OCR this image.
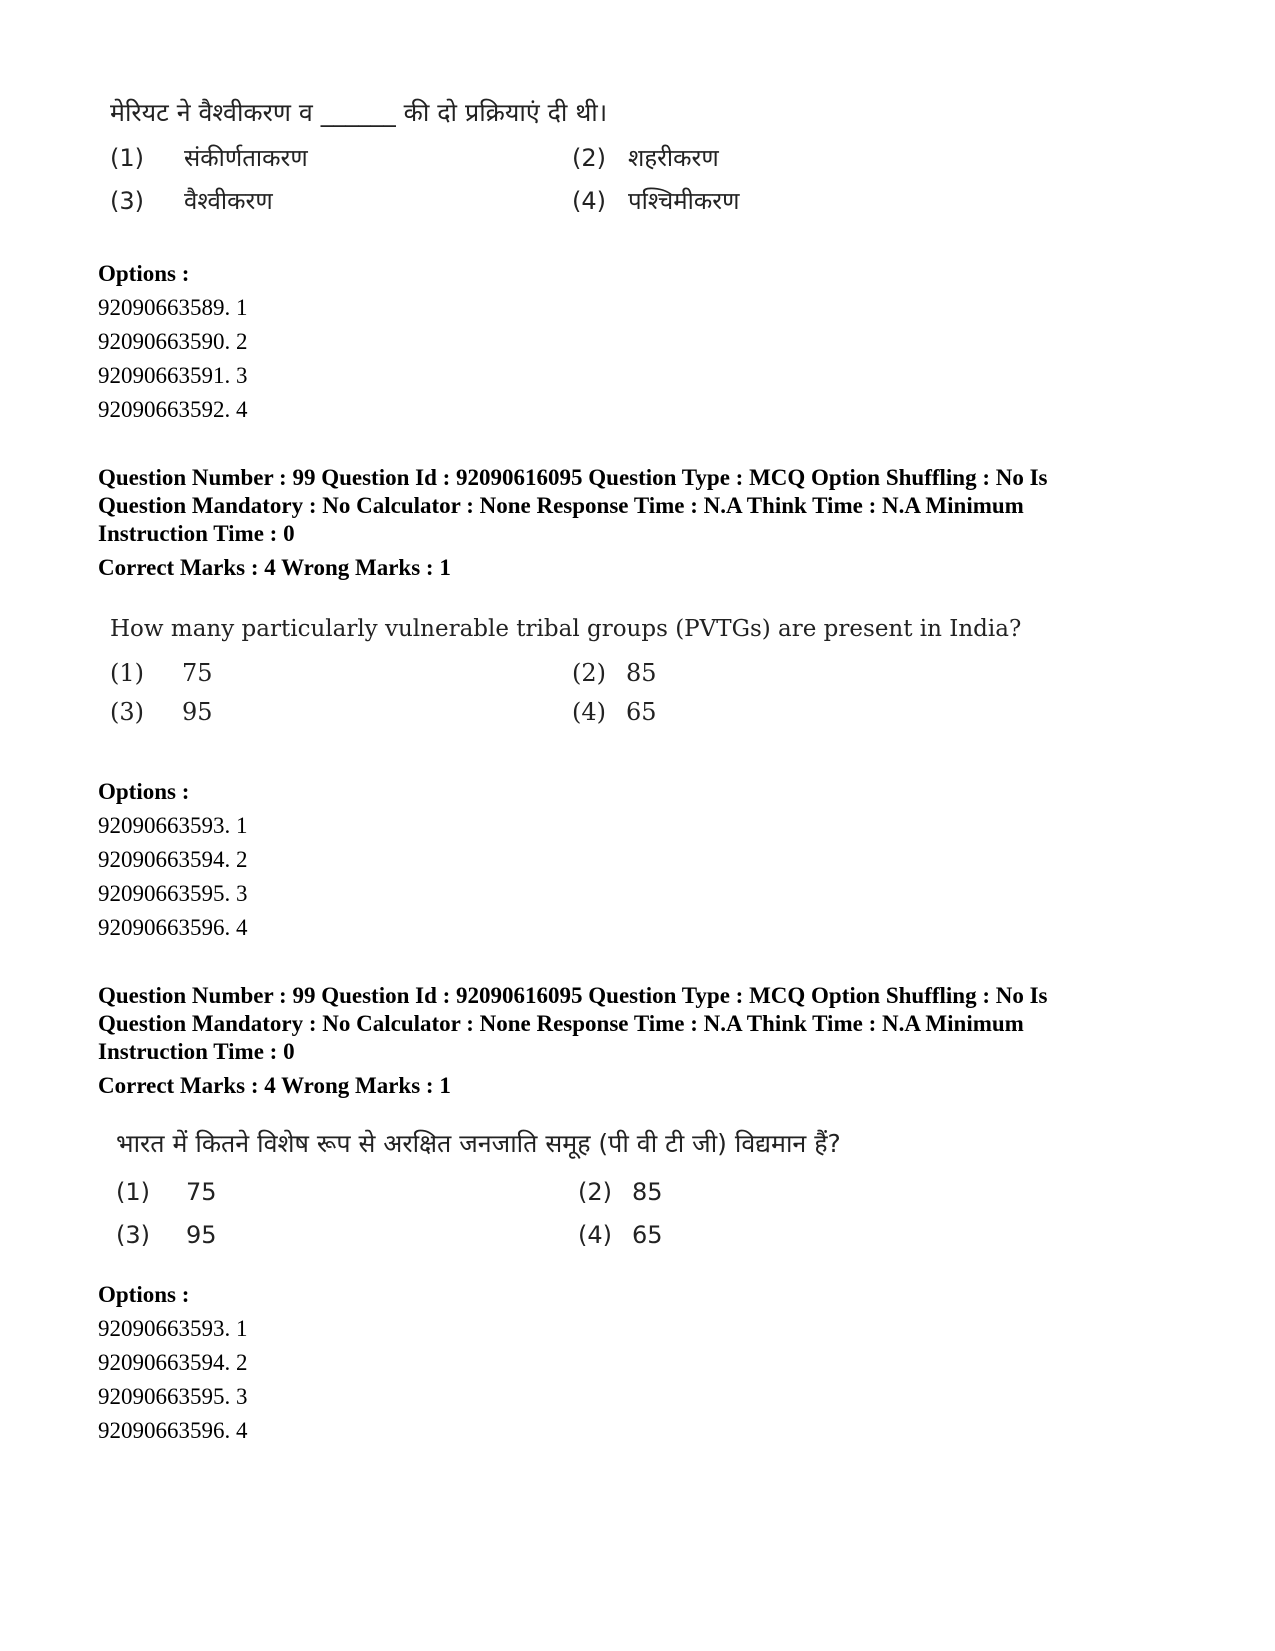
मेरियट ने वैश्वीकरण व ______ की दो प्रक्रियाएं दी थी।
(1) संकीर्णताकरण	(2) शहरीकरण
(3) वैश्वीकरण	(4) पश्चिमीकरण
Options :
92090663589. 1
92090663590. 2
92090663591. 3
92090663592. 4
Question Number : 99 Question Id : 92090616095 Question Type : MCQ Option Shuffling : No Is
Question Mandatory : No Calculator : None Response Time : N.A Think Time : N.A Minimum
Instruction Time : 0
Correct Marks : 4 Wrong Marks : 1
How many particularly vulnerable tribal groups (PVTGs) are present in India?
(1) 75	(2) 85
(3) 95	(4) 65
Options :
92090663593. 1
92090663594. 2
92090663595. 3
92090663596. 4
Question Number : 99 Question Id : 92090616095 Question Type : MCQ Option Shuffling : No Is
Question Mandatory : No Calculator : None Response Time : N.A Think Time : N.A Minimum
Instruction Time : 0
Correct Marks : 4 Wrong Marks : 1
भारत में कितने विशेष रूप से अरक्षित जनजाति समूह (पी वी टी जी) विद्यमान हैं?
(1) 75	(2) 85
(3) 95	(4) 65
Options :
92090663593. 1
92090663594. 2
92090663595. 3
92090663596. 4
